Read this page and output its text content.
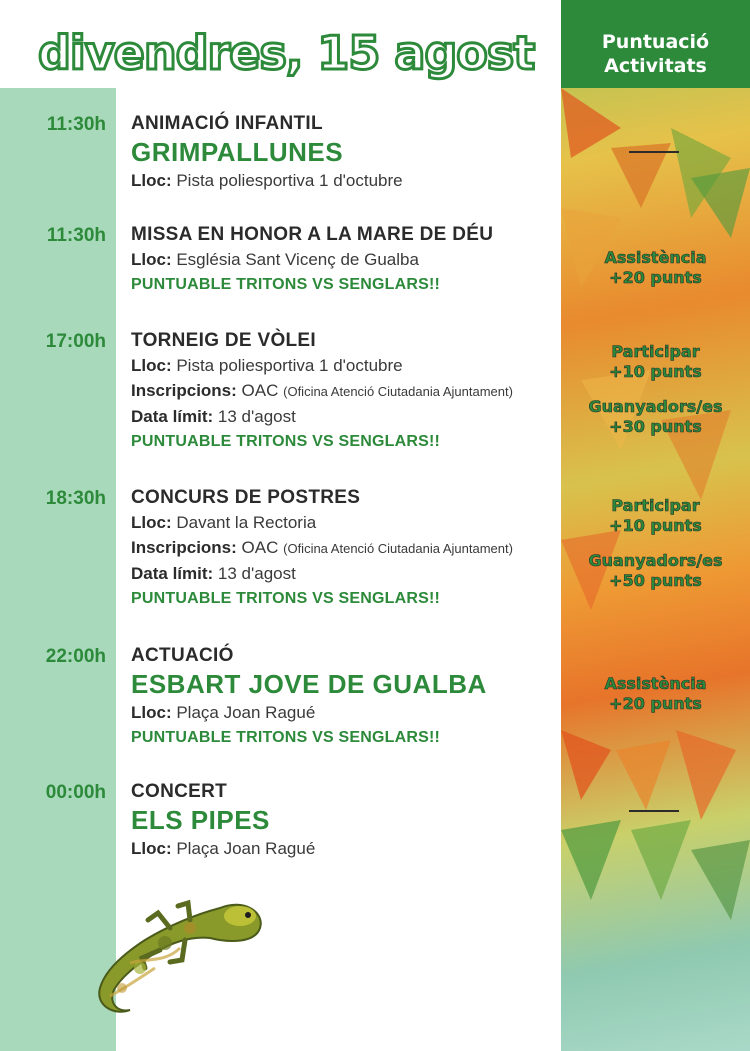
divendres, 15 agost	Puntuació
Activitats
Assistència
+20 punts
Participar
+10 punts
Guanyadors/es
+30 punts
Participar
+10 punts
Guanyadors/es
+50 punts
Assistència
+20 punts
11:30h ANIMACIÓ INFANTIL
GRIMPALLUNES
Lloc: Pista poliesportiva 1 d'octubre
11:30h MISSA EN HONOR A LA MARE DE DÉU
Lloc: Església Sant Vicenç de Gualba
PUNTUABLE TRITONS VS SENGLARS!!
17:00h TORNEIG DE VÒLEI
Lloc: Pista poliesportiva 1 d'octubre
Inscripcions: OAC (Oficina Atenció Ciutadania Ajuntament)
Data límit: 13 d'agost
PUNTUABLE TRITONS VS SENGLARS!!
18:30h CONCURS DE POSTRES
Lloc: Davant la Rectoria
Inscripcions: OAC (Oficina Atenció Ciutadania Ajuntament)
Data límit: 13 d'agost
PUNTUABLE TRITONS VS SENGLARS!!
22:00h ACTUACIÓ
ESBART JOVE DE GUALBA
Lloc: Plaça Joan Ragué
PUNTUABLE TRITONS VS SENGLARS!!
00:00h CONCERT
ELS PIPES
Lloc: Plaça Joan Ragué
